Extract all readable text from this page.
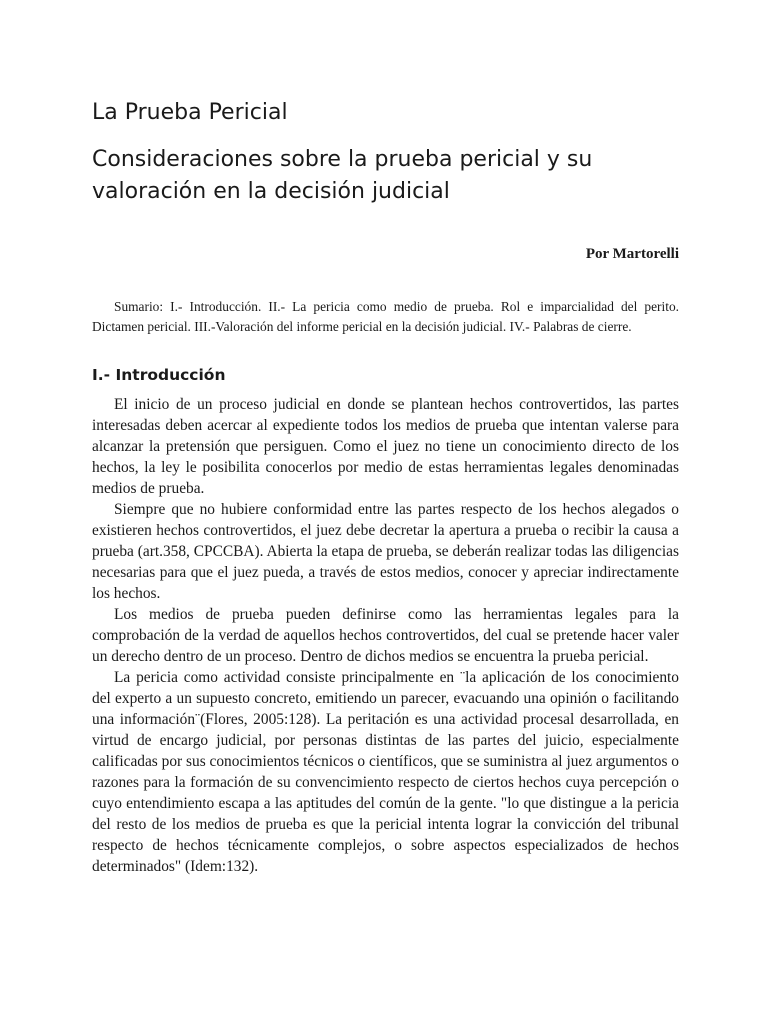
La Prueba Pericial
Consideraciones sobre la prueba pericial y su valoración en la decisión judicial
Por Martorelli

Sumario: I.- Introducción. II.- La pericia como medio de prueba. Rol e imparcialidad del perito. Dictamen pericial. III.-Valoración del informe pericial en la decisión judicial. IV.- Palabras de cierre.

I.- Introducción

El inicio de un proceso judicial en donde se plantean hechos controvertidos, las partes interesadas deben acercar al expediente todos los medios de prueba que intentan valerse para alcanzar la pretensión que persiguen. Como el juez no tiene un conocimiento directo de los hechos, la ley le posibilita conocerlos por medio de estas herramientas legales denominadas medios de prueba.

Siempre que no hubiere conformidad entre las partes respecto de los hechos alegados o existieren hechos controvertidos, el juez debe decretar la apertura a prueba o recibir la causa a prueba (art.358, CPCCBA). Abierta la etapa de prueba, se deberán realizar todas las diligencias necesarias para que el juez pueda, a través de estos medios, conocer y apreciar indirectamente los hechos.

Los medios de prueba pueden definirse como las herramientas legales para la comprobación de la verdad de aquellos hechos controvertidos, del cual se pretende hacer valer un derecho dentro de un proceso. Dentro de dichos medios se encuentra la prueba pericial.

La pericia como actividad consiste principalmente en ¨la aplicación de los conocimiento del experto a un supuesto concreto, emitiendo un parecer, evacuando una opinión o facilitando una información¨(Flores, 2005:128). La peritación es una actividad procesal desarrollada, en virtud de encargo judicial, por personas distintas de las partes del juicio, especialmente calificadas por sus conocimientos técnicos o científicos, que se suministra al juez argumentos o razones para la formación de su convencimiento respecto de ciertos hechos cuya percepción o cuyo entendimiento escapa a las aptitudes del común de la gente. "lo que distingue a la pericia del resto de los medios de prueba es que la pericial intenta lograr la convicción del tribunal respecto de hechos técnicamente complejos, o sobre aspectos especializados de hechos determinados" (Idem:132).
